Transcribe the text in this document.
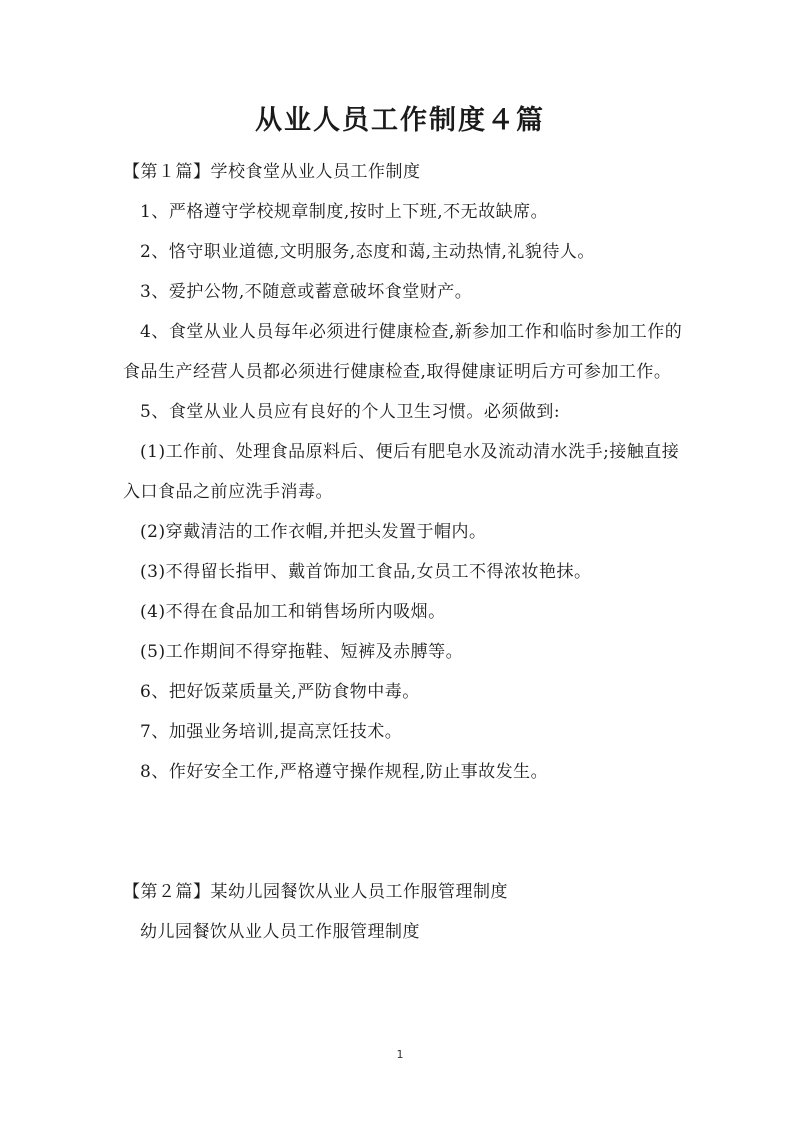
从业人员工作制度４篇

【第１篇】学校食堂从业人员工作制度

1、严格遵守学校规章制度,按时上下班,不无故缺席。

2、恪守职业道德,文明服务,态度和蔼,主动热情,礼貌待人。

3、爱护公物,不随意或蓄意破坏食堂财产。

4、食堂从业人员每年必须进行健康检查,新参加工作和临时参加工作的食品生产经营人员都必须进行健康检查,取得健康证明后方可参加工作。

5、食堂从业人员应有良好的个人卫生习惯。必须做到:

(1)工作前、处理食品原料后、便后有肥皂水及流动清水洗手;接触直接入口食品之前应洗手消毒。

(2)穿戴清洁的工作衣帽,并把头发置于帽内。

(3)不得留长指甲、戴首饰加工食品,女员工不得浓妆艳抹。

(4)不得在食品加工和销售场所内吸烟。

(5)工作期间不得穿拖鞋、短裤及赤膊等。

6、把好饭菜质量关,严防食物中毒。

7、加强业务培训,提高烹饪技术。

8、作好安全工作,严格遵守操作规程,防止事故发生。

【第２篇】某幼儿园餐饮从业人员工作服管理制度

幼儿园餐饮从业人员工作服管理制度

1
